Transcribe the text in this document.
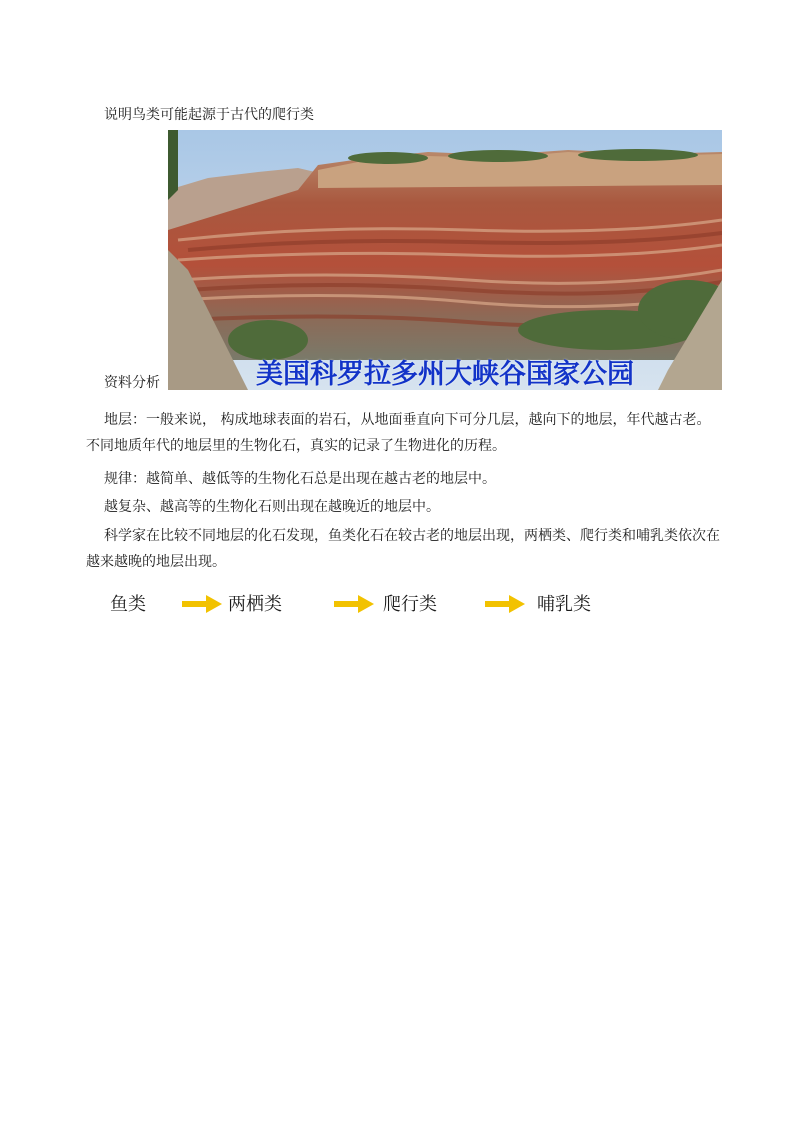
说明鸟类可能起源于古代的爬行类
资料分析	美国科罗拉多州大峡谷国家公园
地层：一般来说， 构成地球表面的岩石，从地面垂直向下可分几层，越向下的地层，年代越古老。不同地质年代的地层里的生物化石，真实的记录了生物进化的历程。
规律：越简单、越低等的生物化石总是出现在越古老的地层中。
越复杂、越高等的生物化石则出现在越晚近的地层中。
科学家在比较不同地层的化石发现，鱼类化石在较古老的地层出现，两栖类、爬行类和哺乳类依次在越来越晚的地层出现。
鱼类	两栖类	爬行类	哺乳类
